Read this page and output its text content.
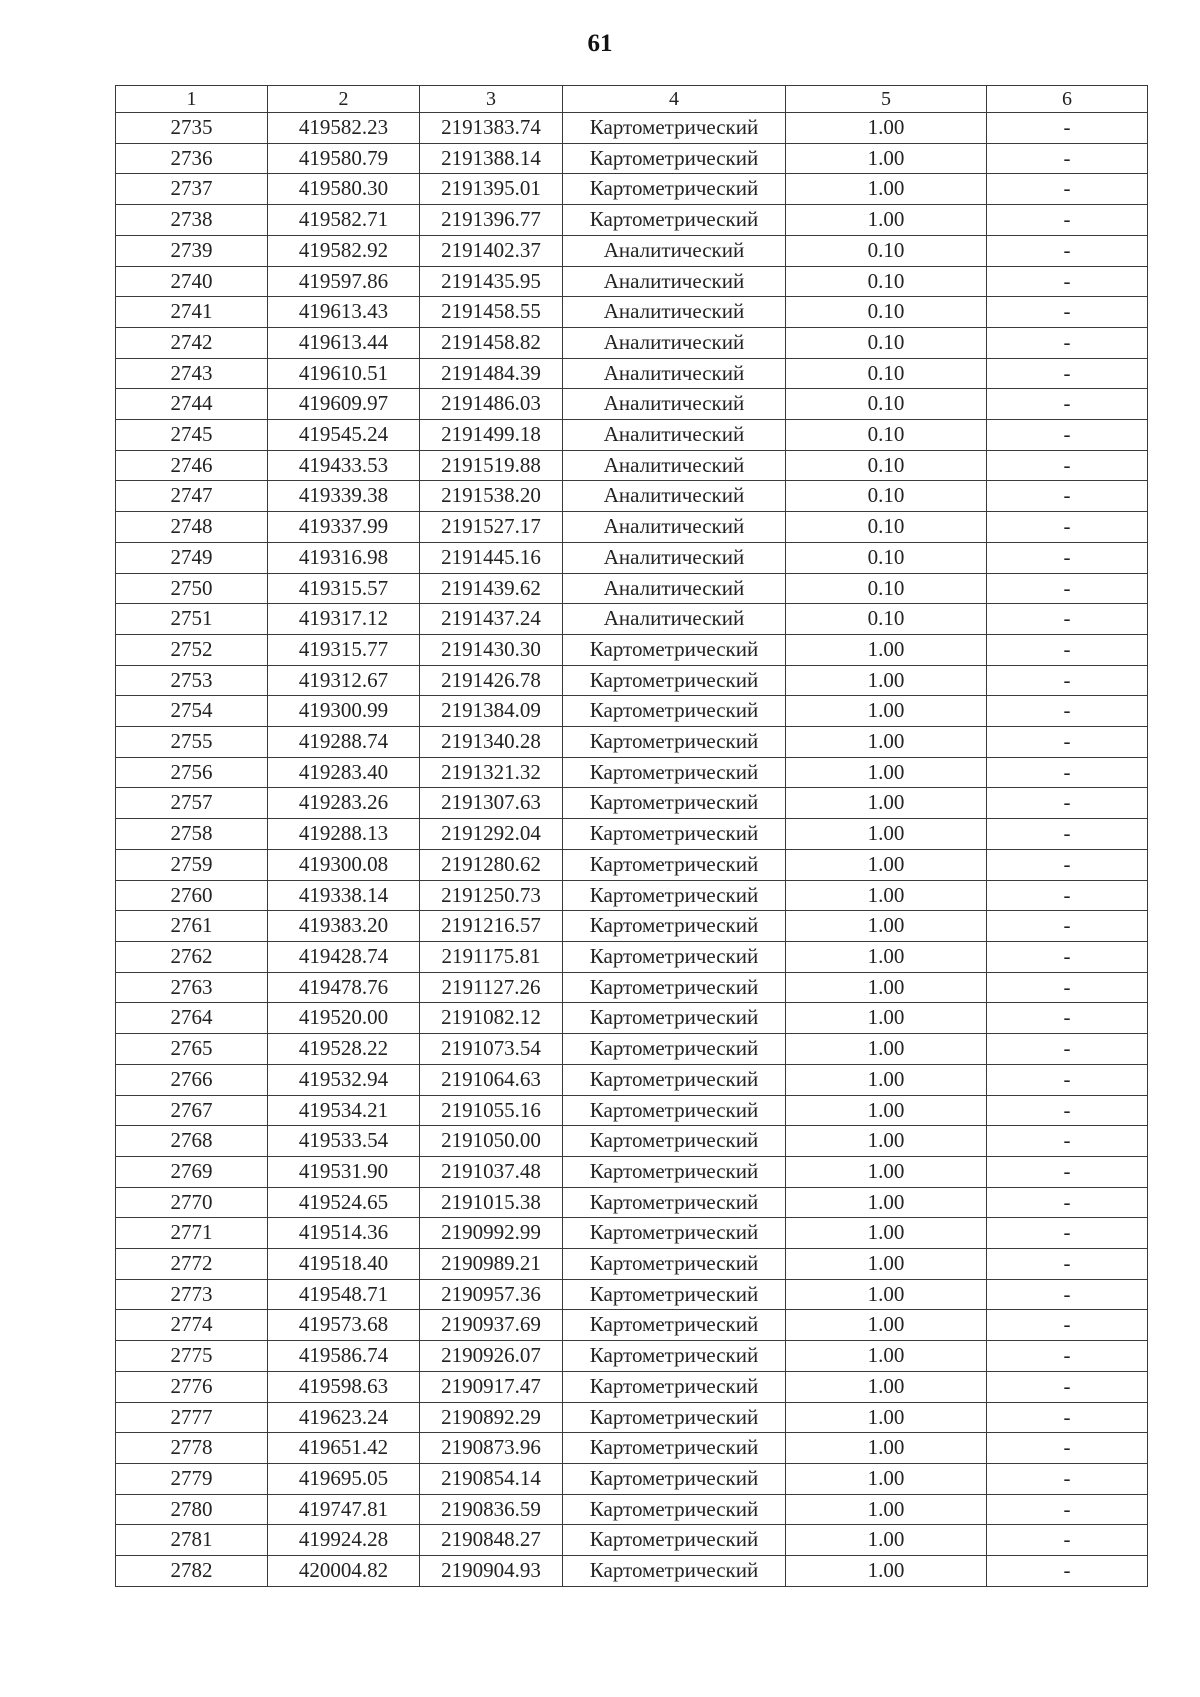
61
1	2	3	4	5	6
2735	419582.23	2191383.74	Картометрический	1.00	-
2736	419580.79	2191388.14	Картометрический	1.00	-
2737	419580.30	2191395.01	Картометрический	1.00	-
2738	419582.71	2191396.77	Картометрический	1.00	-
2739	419582.92	2191402.37	Аналитический	0.10	-
2740	419597.86	2191435.95	Аналитический	0.10	-
2741	419613.43	2191458.55	Аналитический	0.10	-
2742	419613.44	2191458.82	Аналитический	0.10	-
2743	419610.51	2191484.39	Аналитический	0.10	-
2744	419609.97	2191486.03	Аналитический	0.10	-
2745	419545.24	2191499.18	Аналитический	0.10	-
2746	419433.53	2191519.88	Аналитический	0.10	-
2747	419339.38	2191538.20	Аналитический	0.10	-
2748	419337.99	2191527.17	Аналитический	0.10	-
2749	419316.98	2191445.16	Аналитический	0.10	-
2750	419315.57	2191439.62	Аналитический	0.10	-
2751	419317.12	2191437.24	Аналитический	0.10	-
2752	419315.77	2191430.30	Картометрический	1.00	-
2753	419312.67	2191426.78	Картометрический	1.00	-
2754	419300.99	2191384.09	Картометрический	1.00	-
2755	419288.74	2191340.28	Картометрический	1.00	-
2756	419283.40	2191321.32	Картометрический	1.00	-
2757	419283.26	2191307.63	Картометрический	1.00	-
2758	419288.13	2191292.04	Картометрический	1.00	-
2759	419300.08	2191280.62	Картометрический	1.00	-
2760	419338.14	2191250.73	Картометрический	1.00	-
2761	419383.20	2191216.57	Картометрический	1.00	-
2762	419428.74	2191175.81	Картометрический	1.00	-
2763	419478.76	2191127.26	Картометрический	1.00	-
2764	419520.00	2191082.12	Картометрический	1.00	-
2765	419528.22	2191073.54	Картометрический	1.00	-
2766	419532.94	2191064.63	Картометрический	1.00	-
2767	419534.21	2191055.16	Картометрический	1.00	-
2768	419533.54	2191050.00	Картометрический	1.00	-
2769	419531.90	2191037.48	Картометрический	1.00	-
2770	419524.65	2191015.38	Картометрический	1.00	-
2771	419514.36	2190992.99	Картометрический	1.00	-
2772	419518.40	2190989.21	Картометрический	1.00	-
2773	419548.71	2190957.36	Картометрический	1.00	-
2774	419573.68	2190937.69	Картометрический	1.00	-
2775	419586.74	2190926.07	Картометрический	1.00	-
2776	419598.63	2190917.47	Картометрический	1.00	-
2777	419623.24	2190892.29	Картометрический	1.00	-
2778	419651.42	2190873.96	Картометрический	1.00	-
2779	419695.05	2190854.14	Картометрический	1.00	-
2780	419747.81	2190836.59	Картометрический	1.00	-
2781	419924.28	2190848.27	Картометрический	1.00	-
2782	420004.82	2190904.93	Картометрический	1.00	-
